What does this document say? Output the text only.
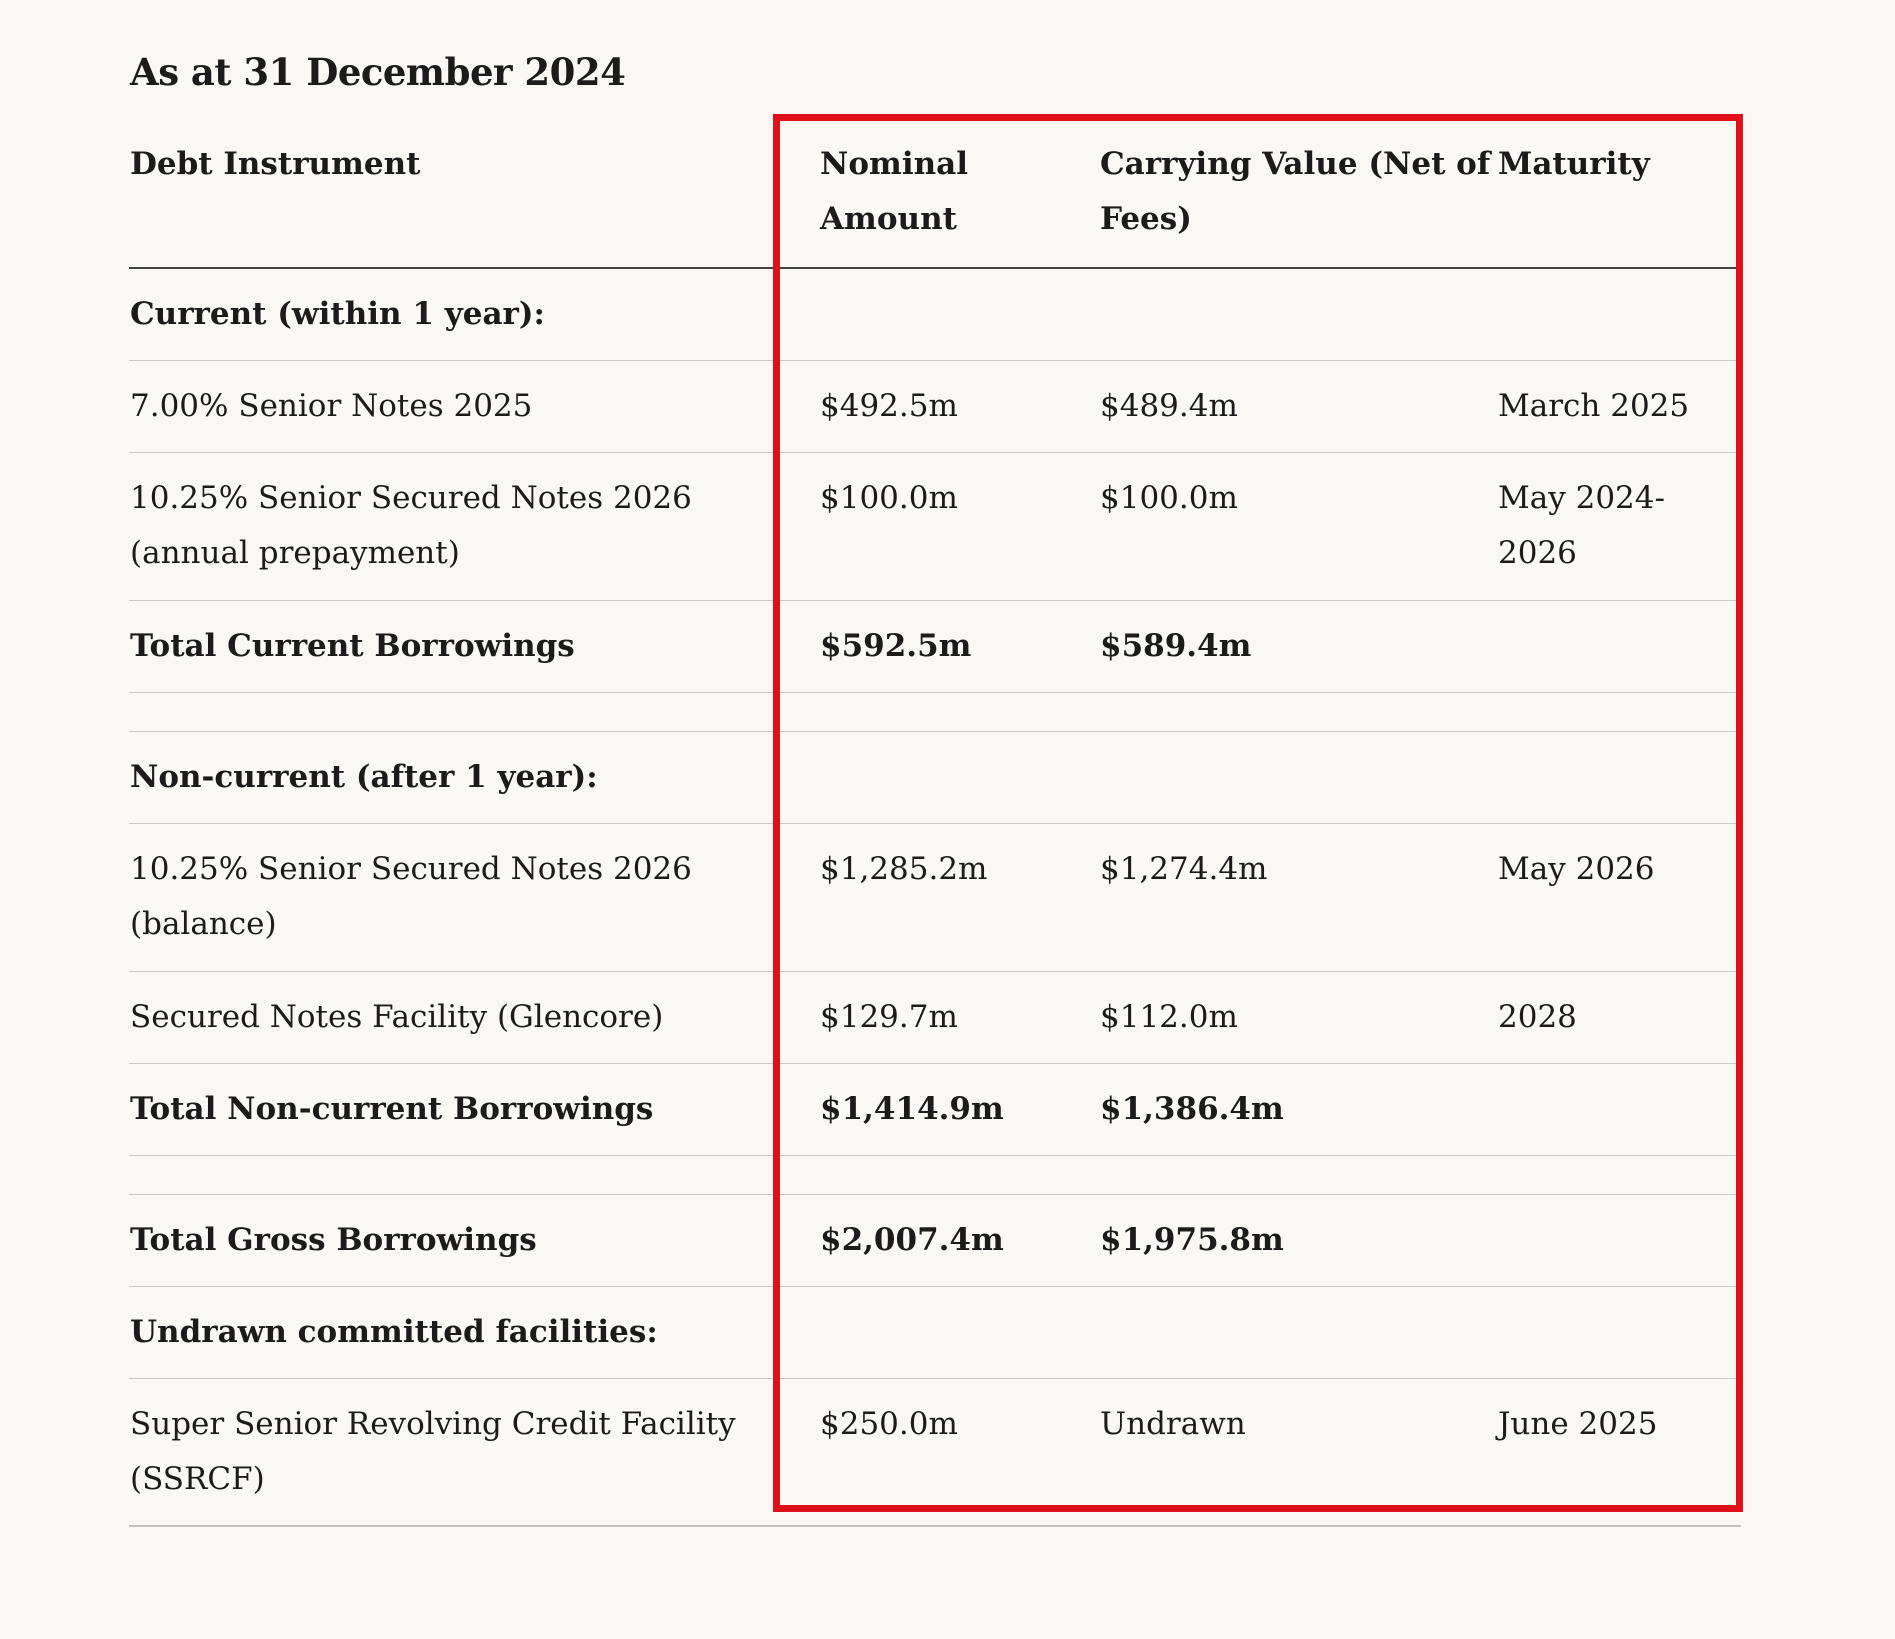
As at 31 December 2024
Debt Instrument	Nominal Amount	Carrying Value (Net of Fees)	Maturity
Current (within 1 year):			
7.00% Senior Notes 2025	$492.5m	$489.4m	March 2025
10.25% Senior Secured Notes 2026 (annual prepayment)	$100.0m	$100.0m	May 2024-2026
Total Current Borrowings	$592.5m	$589.4m	

Non-current (after 1 year):			
10.25% Senior Secured Notes 2026 (balance)	$1,285.2m	$1,274.4m	May 2026
Secured Notes Facility (Glencore)	$129.7m	$112.0m	2028
Total Non-current Borrowings	$1,414.9m	$1,386.4m	

Total Gross Borrowings	$2,007.4m	$1,975.8m	
Undrawn committed facilities:			
Super Senior Revolving Credit Facility (SSRCF)	$250.0m	Undrawn	June 2025
